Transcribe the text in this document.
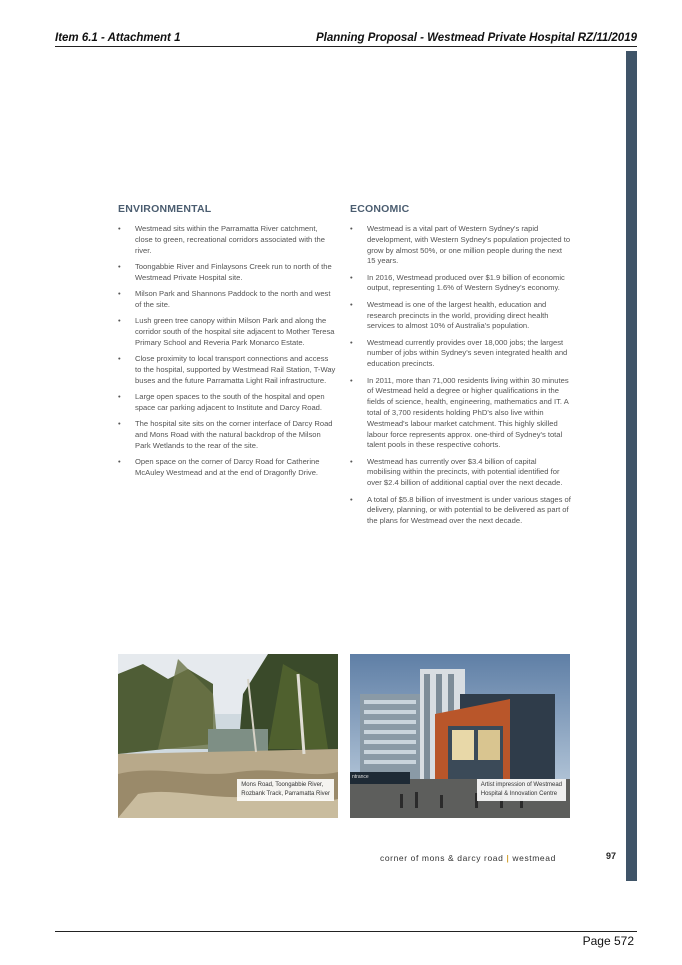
Item 6.1 - Attachment 1	Planning Proposal - Westmead Private Hospital RZ/11/2019
ENVIRONMENTAL
• Westmead sits within the Parramatta River catchment, close to green, recreational corridors associated with the river.
• Toongabbie River and Finlaysons Creek run to north of the Westmead Private Hospital site.
• Milson Park and Shannons Paddock to the north and west of the site.
• Lush green tree canopy within Milson Park and along the corridor south of the hospital site adjacent to Mother Teresa Primary School and Reveria Park Monarco Estate.
• Close proximity to local transport connections and access to the hospital, supported by Westmead Rail Station, T-Way buses and the future Parramatta Light Rail infrastructure.
• Large open spaces to the south of the hospital and open space car parking adjacent to Institute and Darcy Road.
• The hospital site sits on the corner interface of Darcy Road and Mons Road with the natural backdrop of the Milson Park Wetlands to the rear of the site.
• Open space on the corner of Darcy Road for Catherine McAuley Westmead and at the end of Dragonfly Drive.
ECONOMIC
• Westmead is a vital part of Western Sydney's rapid development, with Western Sydney's population projected to grow by almost 50%, or one million people during the next 15 years.
• In 2016, Westmead produced over $1.9 billion of economic output, representing 1.6% of Western Sydney's economy.
• Westmead is one of the largest health, education and research precincts in the world, providing direct health services to almost 10% of Australia's population.
• Westmead currently provides over 18,000 jobs; the largest number of jobs within Sydney's seven integrated health and education precincts.
• In 2011, more than 71,000 residents living within 30 minutes of Westmead held a degree or higher qualifications in the fields of science, health, engineering, mathematics and IT. A total of 3,700 residents holding PhD's also live within Westmead's labour market catchment. This highly skilled labour force represents approx. one-third of Sydney's total talent pools in these respective cohorts.
• Westmead has currently over $3.4 billion of capital mobilising within the precincts, with potential identified for over $2.4 billion of additional captial over the next decade.
• A total of $5.8 billion of investment is under various stages of delivery, planning, or with potential to be delivered as part of the plans for Westmead over the next decade.
Mons Road, Toongabbie River,
Rozbank Track, Parramatta River
ntrance
Artist impression of Westmead
Hospital & Innovation Centre
corner of mons & darcy road | westmead	97
Page 572
